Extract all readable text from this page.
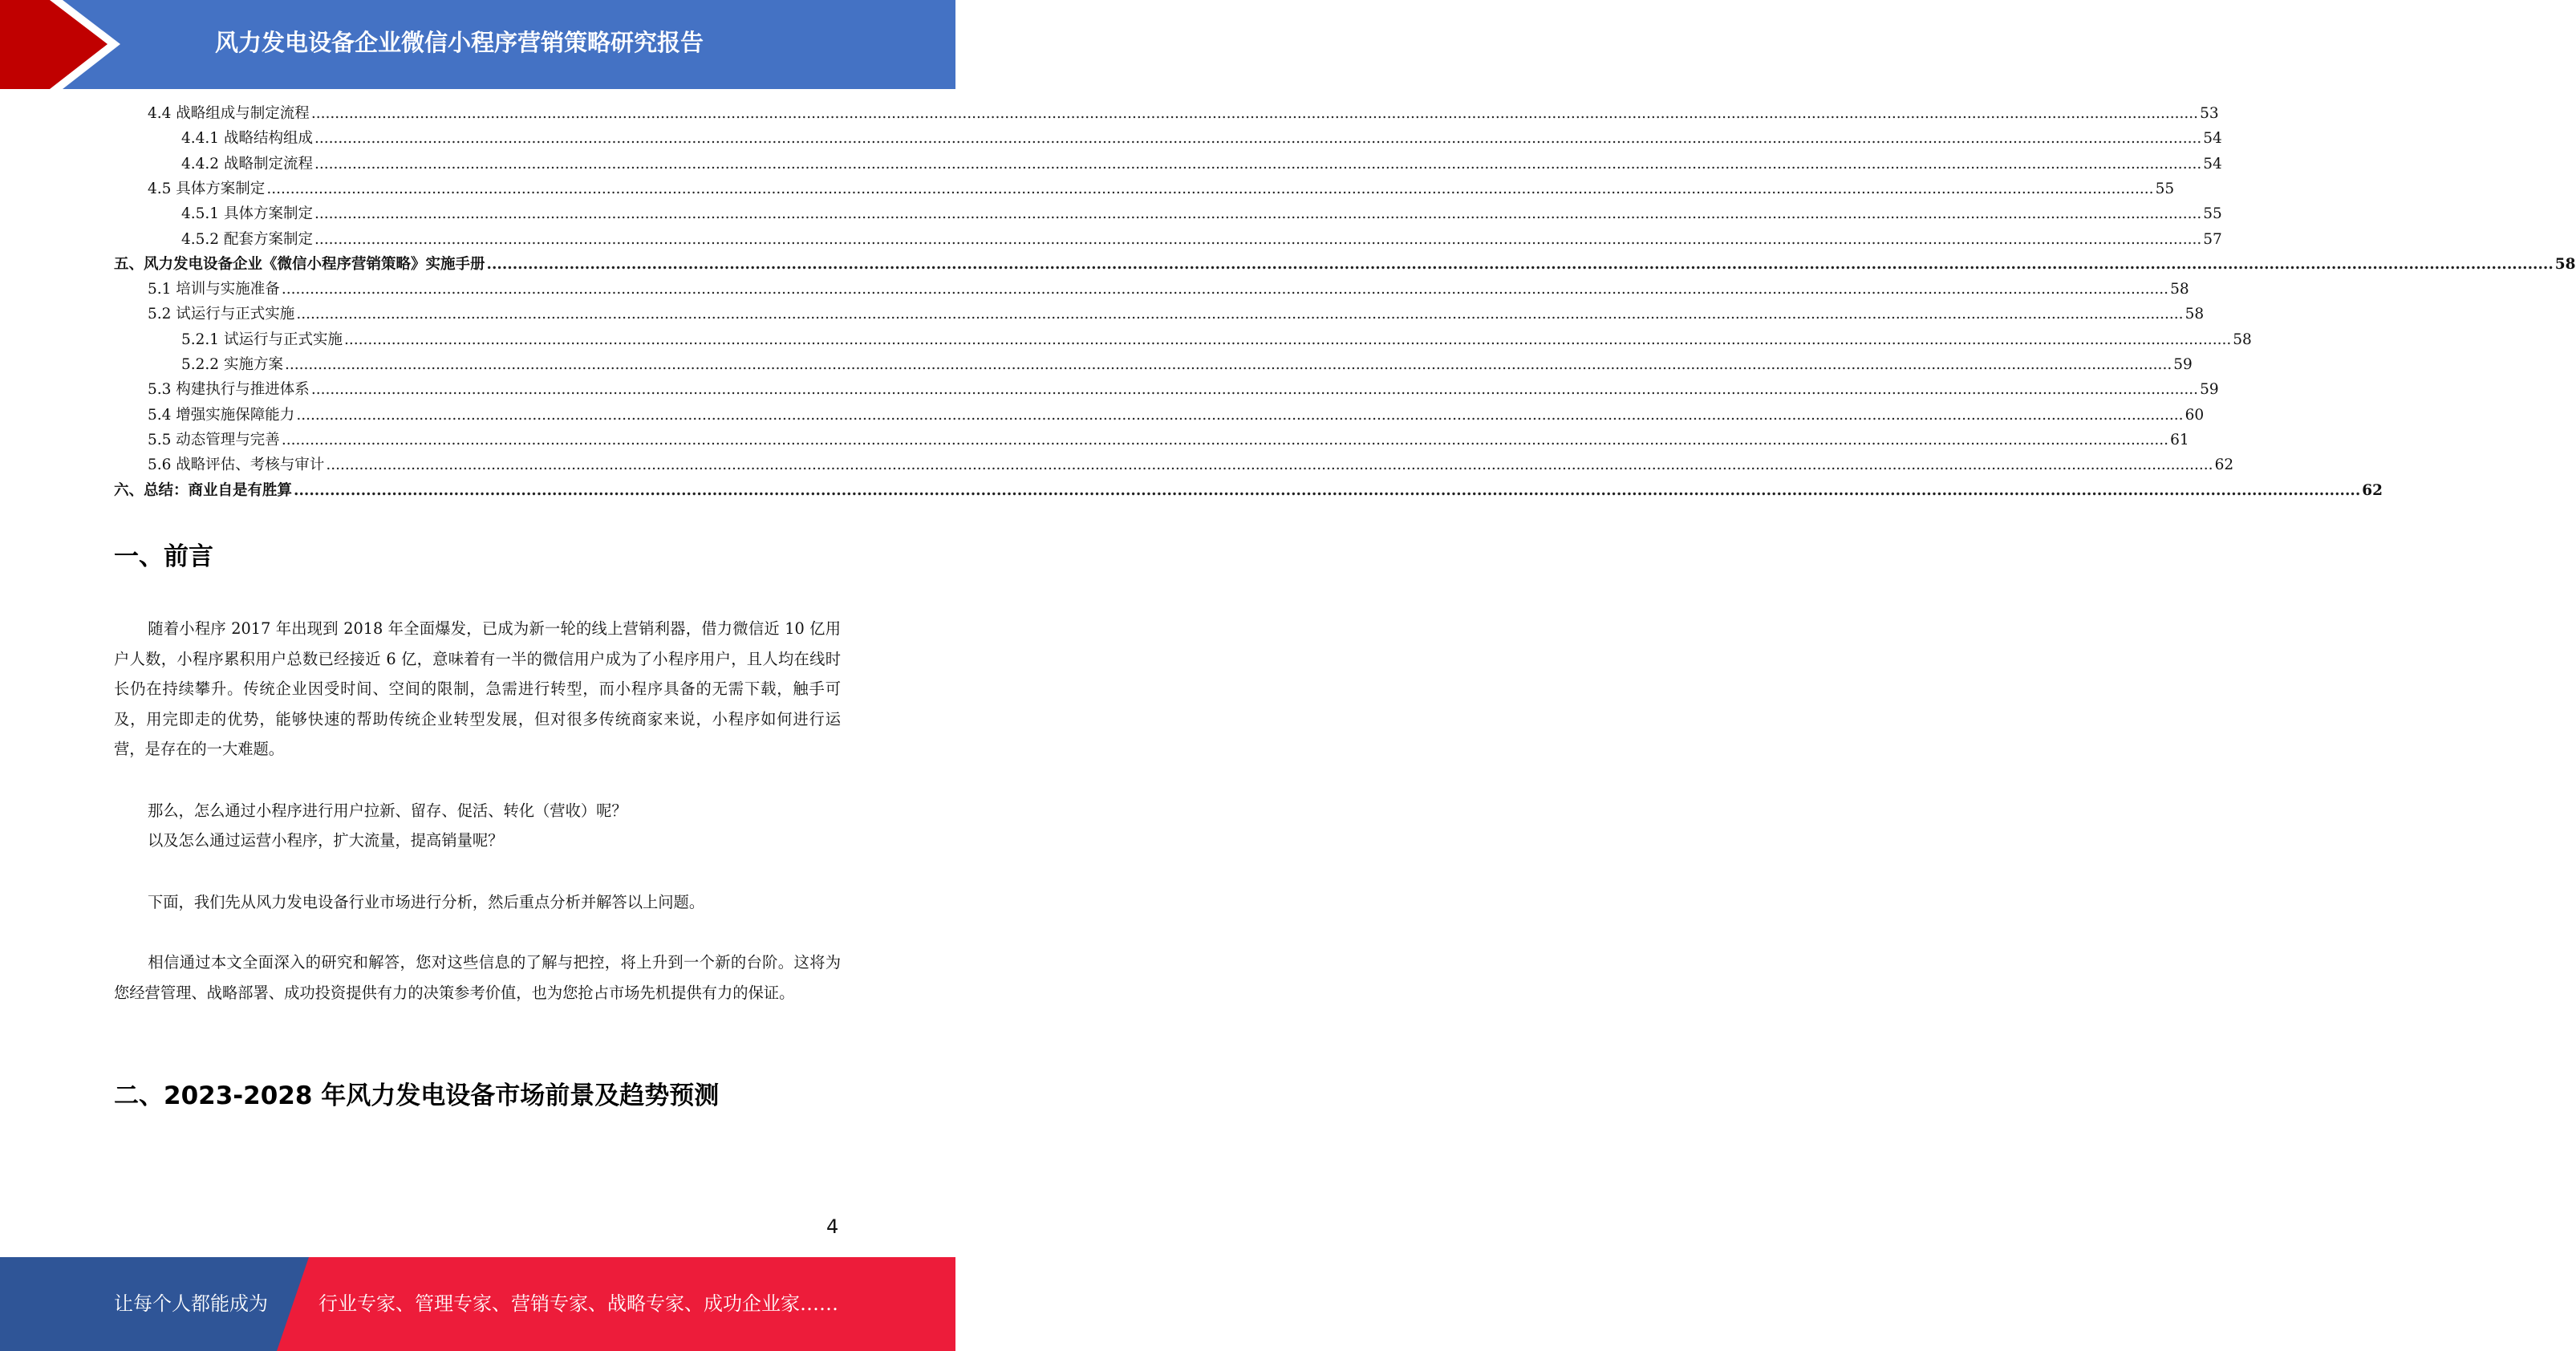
风力发电设备企业微信小程序营销策略研究报告
4.4 战略组成与制定流程 ................................................................................................................................................................................................................................................................................................................................................................................................................ 53
4.4.1 战略结构组成 ................................................................................................................................................................................................................................................................................................................................................................................................................ 54
4.4.2 战略制定流程 ................................................................................................................................................................................................................................................................................................................................................................................................................ 54
4.5 具体方案制定 ................................................................................................................................................................................................................................................................................................................................................................................................................ 55
4.5.1 具体方案制定 ................................................................................................................................................................................................................................................................................................................................................................................................................ 55
4.5.2 配套方案制定 ................................................................................................................................................................................................................................................................................................................................................................................................................ 57
五、风力发电设备企业《微信小程序营销策略》实施手册 ................................................................................................................................................................................................................................................................................................................................................................................................................ 58
5.1 培训与实施准备 ................................................................................................................................................................................................................................................................................................................................................................................................................ 58
5.2 试运行与正式实施 ................................................................................................................................................................................................................................................................................................................................................................................................................ 58
5.2.1 试运行与正式实施 ................................................................................................................................................................................................................................................................................................................................................................................................................ 58
5.2.2 实施方案 ................................................................................................................................................................................................................................................................................................................................................................................................................ 59
5.3 构建执行与推进体系 ................................................................................................................................................................................................................................................................................................................................................................................................................ 59
5.4 增强实施保障能力 ................................................................................................................................................................................................................................................................................................................................................................................................................ 60
5.5 动态管理与完善 ................................................................................................................................................................................................................................................................................................................................................................................................................ 61
5.6 战略评估、考核与审计 ................................................................................................................................................................................................................................................................................................................................................................................................................ 62
六、总结：商业自是有胜算 ................................................................................................................................................................................................................................................................................................................................................................................................................ 62
一、前言
随着小程序 2017 年出现到 2018 年全面爆发，已成为新一轮的线上营销利器，借力微信近 10 亿用户人数，小程序累积用户总数已经接近 6 亿，意味着有一半的微信用户成为了小程序用户，且人均在线时长仍在持续攀升。传统企业因受时间、空间的限制，急需进行转型，而小程序具备的无需下载，触手可及，用完即走的优势，能够快速的帮助传统企业转型发展，但对很多传统商家来说，小程序如何进行运营，是存在的一大难题。
那么，怎么通过小程序进行用户拉新、留存、促活、转化（营收）呢？
以及怎么通过运营小程序，扩大流量，提高销量呢？
下面，我们先从风力发电设备行业市场进行分析，然后重点分析并解答以上问题。
相信通过本文全面深入的研究和解答，您对这些信息的了解与把控，将上升到一个新的台阶。这将为您经营管理、战略部署、成功投资提供有力的决策参考价值，也为您抢占市场先机提供有力的保证。
二、2023-2028 年风力发电设备市场前景及趋势预测
4
让每个人都能成为	行业专家、管理专家、营销专家、战略专家、成功企业家……
